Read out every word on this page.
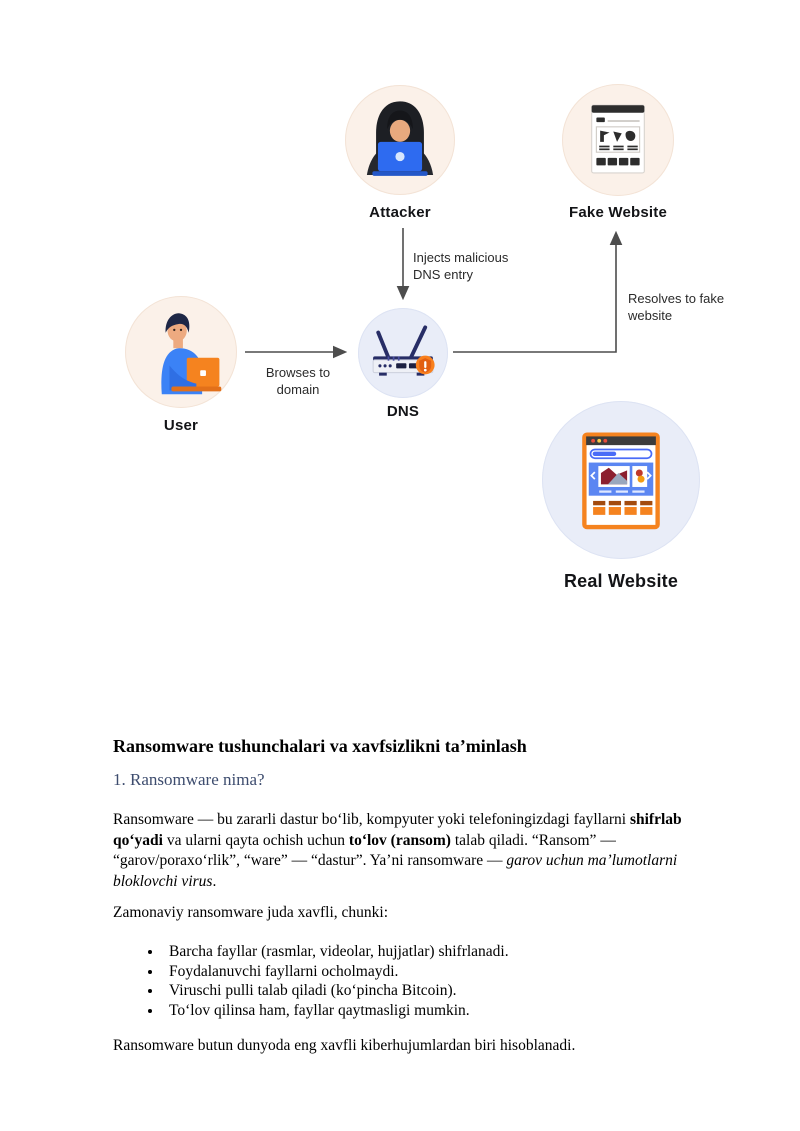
Attacker	Fake Website
User
DNS
Real Website
Injects malicious DNS entry
Browses to domain
Resolves to fake website
Ransomware tushunchalari va xavfsizlikni ta’minlash
1. Ransomware nima?
Ransomware — bu zararli dastur boʻlib, kompyuter yoki telefoningizdagi fayllarni shifrlab qoʻyadi va ularni qayta ochish uchun toʻlov (ransom) talab qiladi. “Ransom” — “garov/poraxoʻrlik”, “ware” — “dastur”. Ya’ni ransomware — garov uchun ma’lumotlarni bloklovchi virus.
Zamonaviy ransomware juda xavfli, chunki:
• Barcha fayllar (rasmlar, videolar, hujjatlar) shifrlanadi.
• Foydalanuvchi fayllarni ocholmaydi.
• Viruschi pulli talab qiladi (koʻpincha Bitcoin).
• Toʻlov qilinsa ham, fayllar qaytmasligi mumkin.
Ransomware butun dunyoda eng xavfli kiberhujumlardan biri hisoblanadi.
